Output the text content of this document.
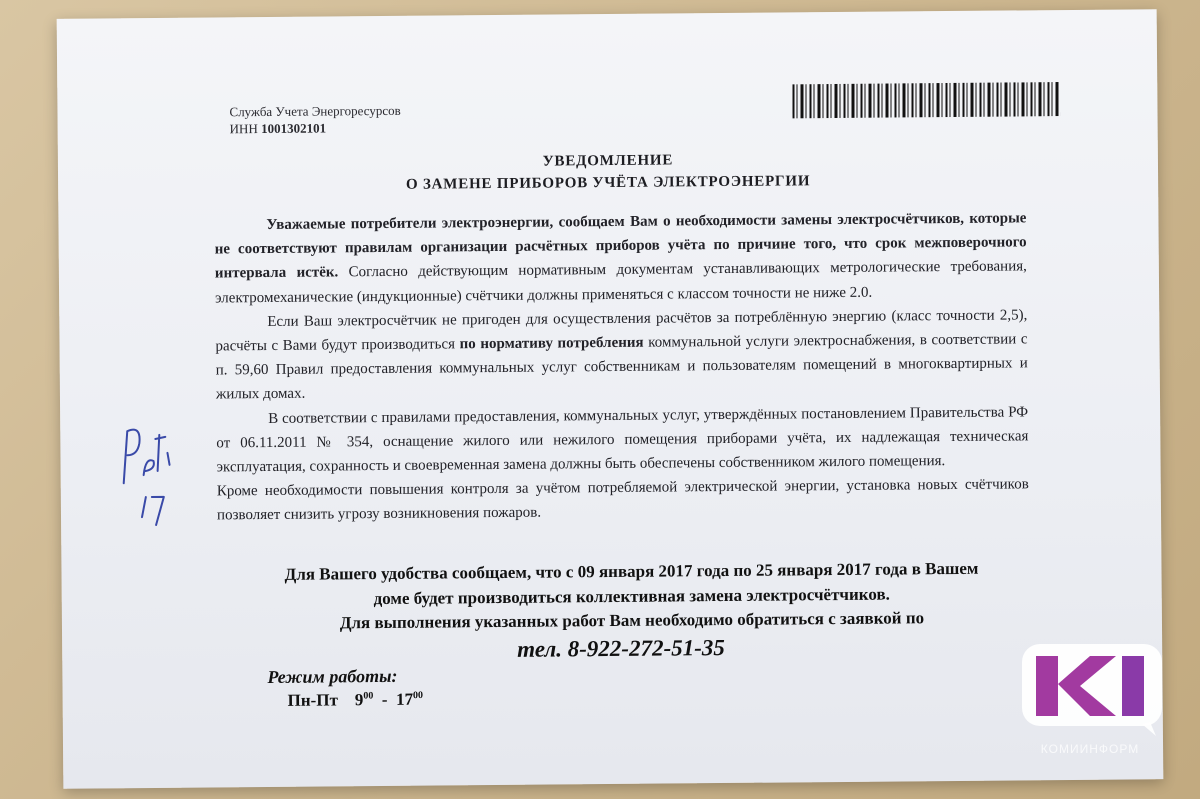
Служба Учета Энергоресурсов
ИНН 1001302101
УВЕДОМЛЕНИЕ
О ЗАМЕНЕ ПРИБОРОВ УЧЁТА ЭЛЕКТРОЭНЕРГИИ

Уважаемые потребители электроэнергии, сообщаем Вам о необходимости замены электросчётчиков, которые не соответствуют правилам организации расчётных приборов учёта по причине того, что срок межповерочного интервала истёк. Согласно действующим нормативным документам устанавливающих метрологические требования, электромеханические (индукционные) счётчики должны применяться с классом точности не ниже 2.0.

Если Ваш электросчётчик не пригоден для осуществления расчётов за потреблённую энергию (класс точности 2,5), расчёты с Вами будут производиться по нормативу потребления коммунальной услуги электроснабжения, в соответствии с п. 59,60 Правил предоставления коммунальных услуг собственникам и пользователям помещений в многоквартирных и жилых домах.

В соответствии с правилами предоставления, коммунальных услуг, утверждённых постановлением Правительства РФ от 06.11.2011 № 354, оснащение жилого или нежилого помещения приборами учёта, их надлежащая техническая эксплуатация, сохранность и своевременная замена должны быть обеспечены собственником жилого помещения.

Кроме необходимости повышения контроля за учётом потребляемой электрической энергии, установка новых счётчиков позволяет снизить угрозу возникновения пожаров.

Для Вашего удобства сообщаем, что с 09 января 2017 года по 25 января 2017 года в Вашем
доме будет производиться коллективная замена электросчётчиков.
Для выполнения указанных работ Вам необходимо обратиться с заявкой по
тел. 8-922-272-51-35
Режим работы:
Пн-Пт $9^{00} - 17^{00}$
КОМИИНФОРМ
